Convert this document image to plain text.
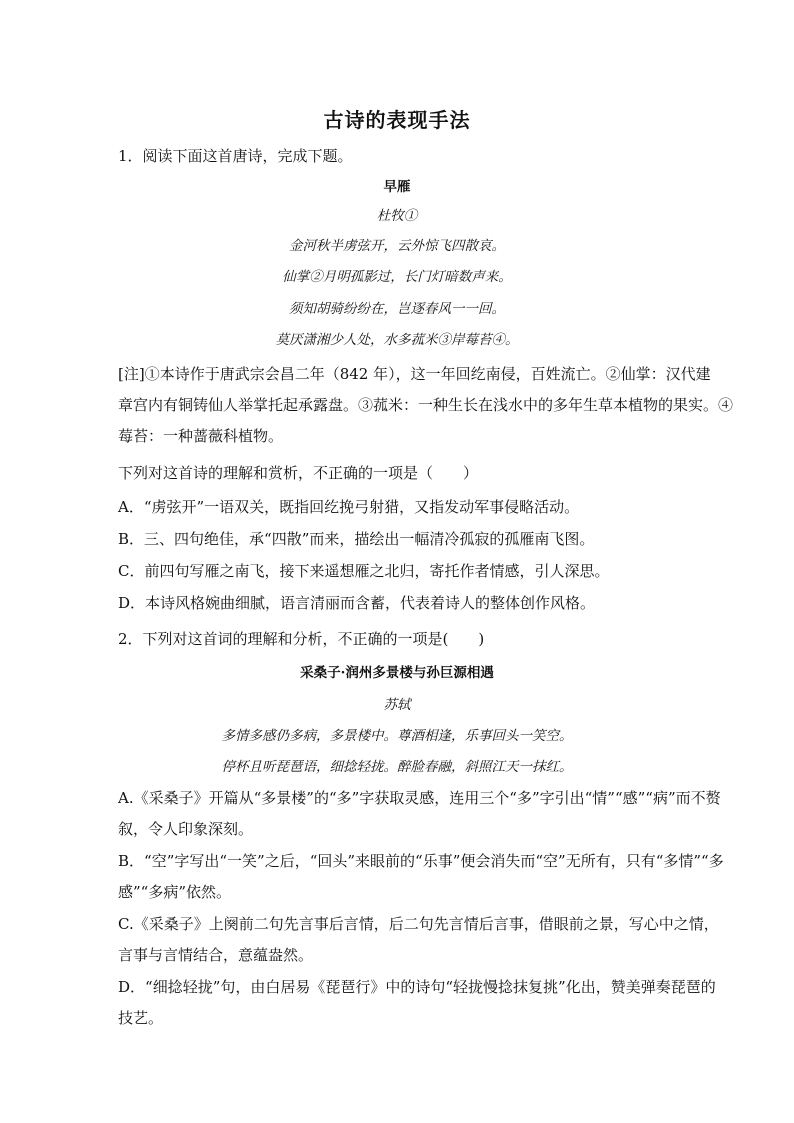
古诗的表现手法
1．阅读下面这首唐诗，完成下题。
早雁
杜牧①
金河秋半虏弦开，云外惊飞四散哀。
仙掌②月明孤影过，长门灯暗数声来。
须知胡骑纷纷在，岂逐春风一一回。
莫厌潇湘少人处，水多菰米③岸莓苔④。
[注]①本诗作于唐武宗会昌二年（842 年），这一年回纥南侵，百姓流亡。②仙掌：汉代建
章宫内有铜铸仙人举掌托起承露盘。③菰米：一种生长在浅水中的多年生草本植物的果实。④
莓苔：一种蔷薇科植物。
下列对这首诗的理解和赏析，不正确的一项是（　　）
A．“虏弦开”一语双关，既指回纥挽弓射猎，又指发动军事侵略活动。
B．三、四句绝佳，承“四散”而来，描绘出一幅清冷孤寂的孤雁南飞图。
C．前四句写雁之南飞，接下来遥想雁之北归，寄托作者情感，引人深思。
D．本诗风格婉曲细腻，语言清丽而含蓄，代表着诗人的整体创作风格。
2．下列对这首词的理解和分析，不正确的一项是(　　)
采桑子·润州多景楼与孙巨源相遇
苏轼
多情多感仍多病，多景楼中。尊酒相逢，乐事回头一笑空。
停杯且听琵琶语，细捻轻拢。醉脸春融，斜照江天一抹红。
A.《采桑子》开篇从“多景楼”的“多”字获取灵感，连用三个“多”字引出“情”“感”“病”而不赘
叙，令人印象深刻。
B．“空”字写出“一笑”之后，“回头”来眼前的“乐事”便会消失而“空”无所有，只有“多情”“多
感”“多病”依然。
C.《采桑子》上阕前二句先言事后言情，后二句先言情后言事，借眼前之景，写心中之情，
言事与言情结合，意蕴盎然。
D．“细捻轻拢”句，由白居易《琵琶行》中的诗句“轻拢慢捻抹复挑”化出，赞美弹奏琵琶的
技艺。
